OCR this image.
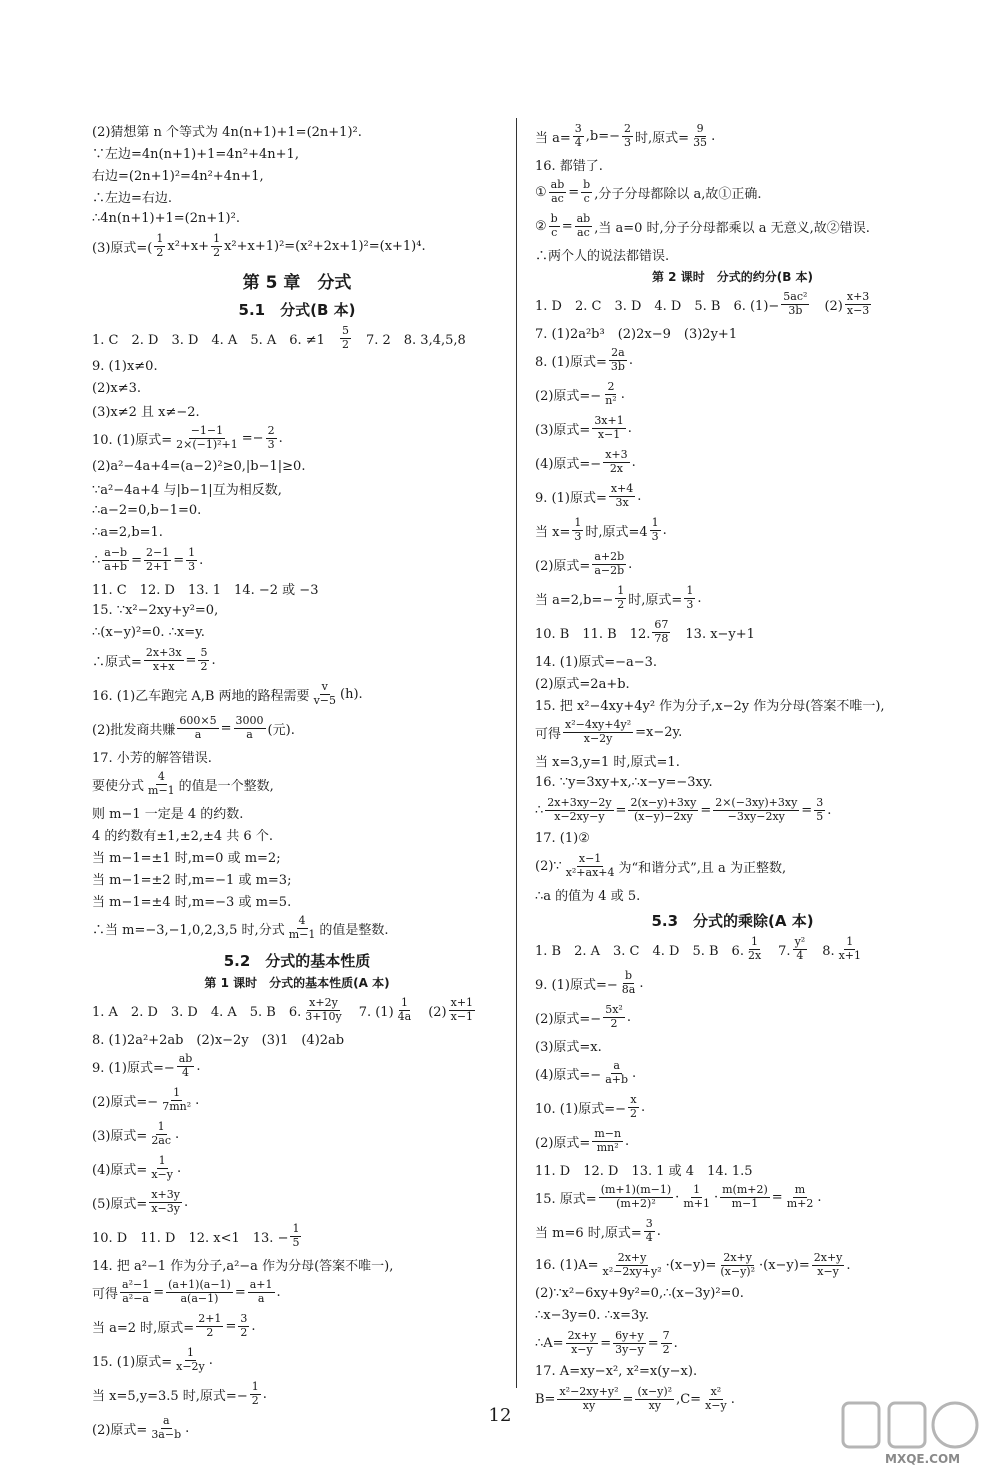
(2)猜想第 n 个等式为 4n(n+1)+1=(2n+1)².
∵左边=4n(n+1)+1=4n²+4n+1,
右边=(2n+1)²=4n²+4n+1,
∴左边=右边.
∴4n(n+1)+1=(2n+1)².
(3)原式=( $\frac{1}{2} x^2+x+ \frac{1}{2} x^2+x+1)^2=(x^2+2x+1)^2=(x+1)^4$.
第 5 章　分式
5.1　分式(B 本)
1. C　2. D　3. D　4. A　5. A　6. ≠1　 $\frac{5}{2}$ 　7. 2　8. 3,4,5,8
9. (1)x≠0.
(2)x≠3.
(3)x≠2 且 x≠−2.
10. (1)原式= $\frac{-1-1}{\text{2×(−1)²+1}} =- \frac{2}{3}$ .
(2)a²−4a+4=(a−2)²≥0,|b−1|≥0.
∵a²−4a+4 与|b−1|互为相反数,
∴a−2=0,b−1=0.
∴a=2,b=1.
∴ $\frac{a-b}{a+b} = \frac{2-1}{2+1} = \frac{1}{3}$ .
11. C　12. D　13. 1　14. −2 或 −3
15. ∵x²−2xy+y²=0,
∴(x−y)²=0. ∴x=y.
∴原式= $\frac{2x+3x}{x+x} = \frac{5}{2}$ .
16. (1)乙车跑完 A,B 两地的路程需要 $\frac{v}{v-5} (h)$.
(2)批发商共赚 $\frac{600\times 5}{a} = \frac{3000}{a}$ (元).
17. 小芳的解答错误.
要使分式 $\frac{4}{m-1}$ 的值是一个整数,
则 m−1 一定是 4 的约数.
4 的约数有±1,±2,±4 共 6 个.
当 m−1=±1 时,m=0 或 m=2;
当 m−1=±2 时,m=−1 或 m=3;
当 m−1=±4 时,m=−3 或 m=5.
∴当 m=−3,−1,0,2,3,5 时,分式 $\frac{4}{m-1}$ 的值是整数.
5.2　分式的基本性质
第 1 课时　分式的基本性质(A 本)
1. A　2. D　3. D　4. A　5. B　6. $\frac{x+2y}{3+10y}$ 　7. $(1) \frac{1}{4a}$ 　$(2) \frac{x+1}{x-1}$
8. (1)2a²+2ab　(2)x−2y　(3)1　(4)2ab
9. (1)原式=− $\frac{ab}{4}$ .
(2)原式=− $\frac{1}{\text{7mn²}}$ .
(3)原式= $\frac{1}{2ac}$ .
(4)原式= $\frac{1}{x-y}$ .
(5)原式= $\frac{x+3y}{x-3y}$ .
10. D　11. D　12. x<1　13. − $\frac{1}{5}$
14. 把 a²−1 作为分子,a²−a 作为分母(答案不唯一),
可得 $\frac{\text{a²−1}}{\text{a²−a}} = \frac{(a+1)(a-1)}{a(a-1)} = \frac{a+1}{a}$ .
当 a=2 时,原式= $\frac{2+1}{2} = \frac{3}{2}$ .
15. (1)原式= $\frac{1}{x-2y}$ .
当 x=5,y=3.5 时,原式=− $\frac{1}{2}$ .
(2)原式= $\frac{a}{3a-b}$ .
当 $a= \frac{3}{4} ,b=- \frac{2}{3}$ 时,原式= $\frac{9}{35}$ .
16. 都错了.
① $\frac{ab}{ac} = \frac{b}{c}$ ,分子分母都除以 a,故①正确.
② $\frac{b}{c} = \frac{ab}{ac}$ ,当 a=0 时,分子分母都乘以 a 无意义,故②错误.
∴两个人的说法都错误.
第 2 课时　分式的约分(B 本)
1. D　2. C　3. D　4. D　5. B　6. $(1)- \frac{\text{5ac²}}{3b}$ 　$(2) \frac{x+3}{x-3}$
7. (1)2a²b³　(2)2x−9　(3)2y+1
8. (1)原式= $\frac{2a}{3b}$ .
(2)原式=− $\frac{2}{\text{n²}}$ .
(3)原式= $\frac{3x+1}{x-1}$ .
(4)原式=− $\frac{x+3}{2x}$ .
9. (1)原式= $\frac{x+4}{3x}$ .
当 $x= \frac{1}{3}$ 时,原式$=4 \frac{1}{3}$ .
(2)原式= $\frac{a+2b}{a-2b}$ .
当 $a=2,b=- \frac{1}{2}$ 时,原式= $\frac{1}{3}$ .
10. B　11. B　12. $\frac{67}{78}$ 　13. x−y+1
14. (1)原式=−a−3.
(2)原式=2a+b.
15. 把 x²−4xy+4y² 作为分子,x−2y 作为分母(答案不唯一),
可得 $\frac{\text{x²−4xy+4y²}}{x-2y} =x-2y$.
当 x=3,y=1 时,原式=1.
16. ∵y=3xy+x,∴x−y=−3xy.
∴ $\frac{2x+3xy-2y}{x-2xy-y} = \frac{2(x-y)+3xy}{(x-y)-2xy} = \frac{2\times(-3xy)+3xy}{-3xy-2xy} = \frac{3}{5}$ .
17. (1)②
(2)∵ $\frac{x-1}{\text{x²+ax+4}}$ 为“和谐分式”,且 a 为正整数,
∴a 的值为 4 或 5.
5.3　分式的乘除(A 本)
1. B　2. A　3. C　4. D　5. B　6. $\frac{1}{2x}$ 　7. $\frac{\text{y²}}{4}$ 　8. $\frac{1}{x+1}$
9. (1)原式=− $\frac{b}{8a}$ .
(2)原式=− $\frac{\text{5x²}}{2}$ .
(3)原式=x.
(4)原式=− $\frac{a}{a+b}$ .
10. (1)原式=− $\frac{x}{2}$ .
(2)原式= $\frac{m-n}{\text{mn²}}$ .
11. D　12. D　13. 1 或 4　14. 1.5
15. 原式= $\frac{(m+1)(m-1)}{\text{(m+2)²}} \cdot \frac{1}{m+1} \cdot \frac{m(m+2)}{m-1} = \frac{m}{m+2}$ .
当 m=6 时,原式= $\frac{3}{4}$ .
16. $(1)A= \frac{2x+y}{\text{x²−2xy+y²}} \cdot(x-y)= \frac{2x+y}{\text{(x−y)²}} \cdot(x-y)= \frac{2x+y}{x-y}$ .
(2)∵x²−6xy+9y²=0,∴(x−3y)²=0.
∴x−3y=0. ∴x=3y.
∴A= $\frac{2x+y}{x-y} = \frac{6y+y}{3y-y} = \frac{7}{2}$ .
17. A=xy−x², x²=x(y−x).
$B= \frac{\text{x²−2xy+y²}}{xy} = \frac{\text{(x−y)²}}{xy} ,C= \frac{\text{x²}}{x-y}$ .
12
MXQE.COM
